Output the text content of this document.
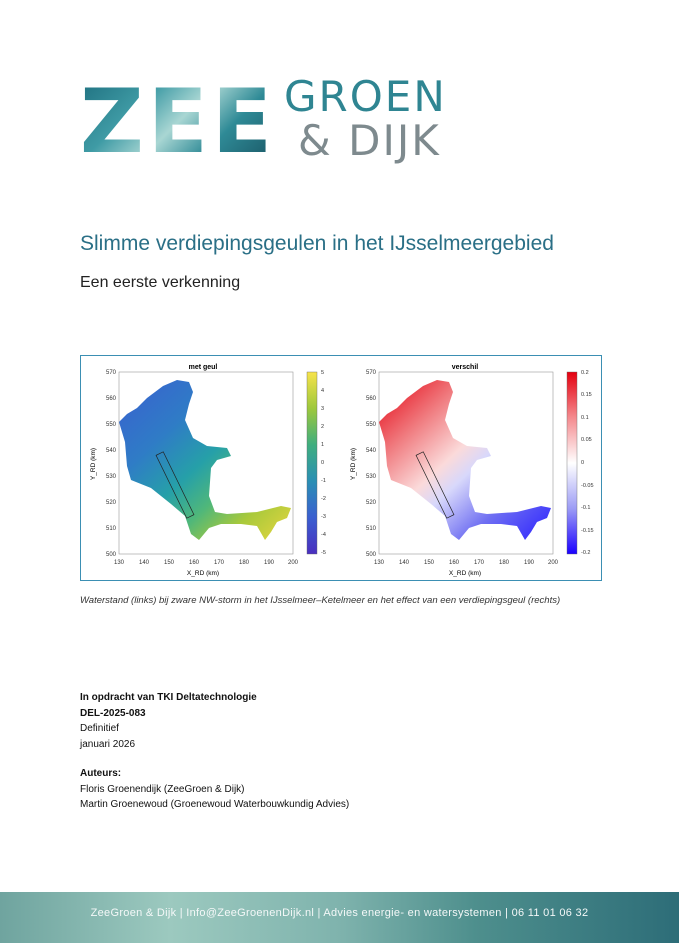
ZEE GROEN
& DIJK
Slimme verdiepingsgeulen in het IJsselmeergebied
Een eerste verkenning
met geul
570
560
550
540
530
520
510
500
130 140 150 160 170 180 190 200
X_RD (km)
Y_RD (km)
5
4
3
2
1
0
-1
-2
-3
-4
-5
verschil
570
560
550
540
530
520
510
500
130 140 150 160 170 180 190 200
X_RD (km)
Y_RD (km)
0.2
0.15
0.1
0.05
0
-0.05
-0.1
-0.15
-0.2
Waterstand (links) bij zware NW-storm in het IJsselmeer–Ketelmeer en het effect van een verdiepingsgeul (rechts)
In opdracht van TKI Deltatechnologie
DEL-2025-083
Definitief
januari 2026
Auteurs:
Floris Groenendijk (ZeeGroen & Dijk)
Martin Groenewoud (Groenewoud Waterbouwkundig Advies)
ZeeGroen & Dijk | Info@ZeeGroenenDijk.nl | Advies energie- en watersystemen | 06 11 01 06 32
